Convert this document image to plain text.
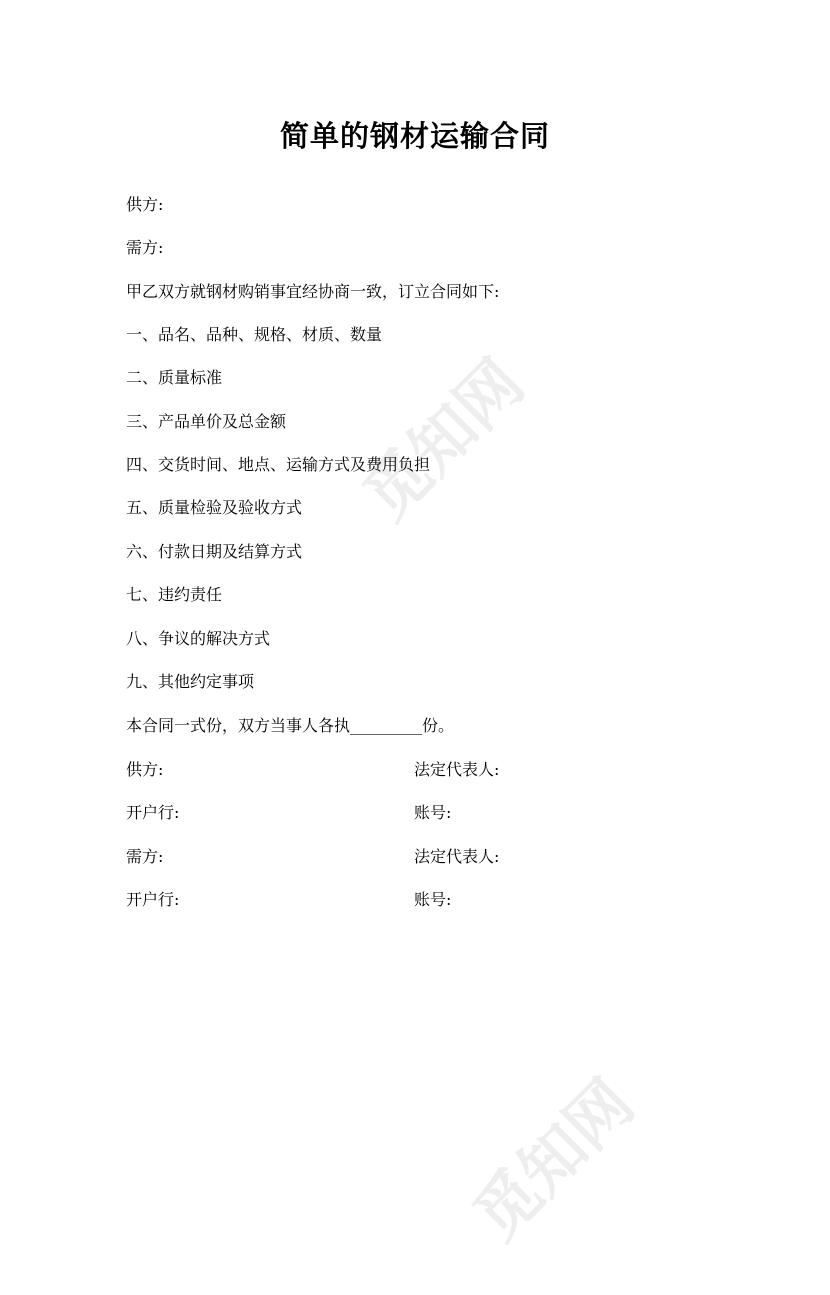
觅知网
觅知网
简单的钢材运输合同
供方:
需方:
甲乙双方就钢材购销事宜经协商一致，订立合同如下:
一、品名、品种、规格、材质、数量
二、质量标准
三、产品单价及总金额
四、交货时间、地点、运输方式及费用负担
五、质量检验及验收方式
六、付款日期及结算方式
七、违约责任
八、争议的解决方式
九、其他约定事项
本合同一式份，双方当事人各执_________份。
供方:	法定代表人:
开户行:	账号:
需方:	法定代表人:
开户行:	账号:
